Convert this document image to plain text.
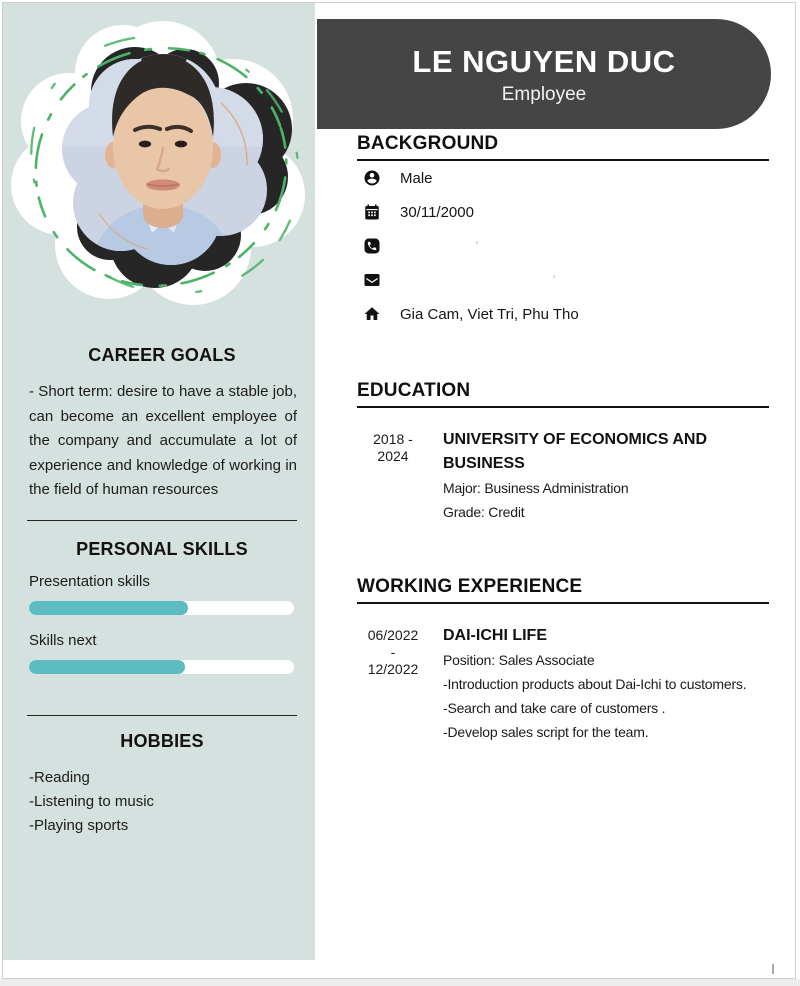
CAREER GOALS

- Short term: desire to have a stable job, can become an excellent employee of the company and accumulate a lot of experience and knowledge of working in the field of human resources

PERSONAL SKILLS
Presentation skills
Skills next
HOBBIES
-Reading
-Listening to music
-Playing sports
LE NGUYEN DUC
Employee
BACKGROUND
Male
30/11/2000
'
'
Gia Cam, Viet Tri, Phu Tho
EDUCATION
2018 -
2024

UNIVERSITY OF ECONOMICS AND BUSINESS

Major: Business Administration
Grade: Credit
WORKING EXPERIENCE
06/2022
-
12/2022

DAI-ICHI LIFE

Position: Sales Associate
-Introduction products about Dai-Ichi to customers.
-Search and take care of customers .
-Develop sales script for the team.
